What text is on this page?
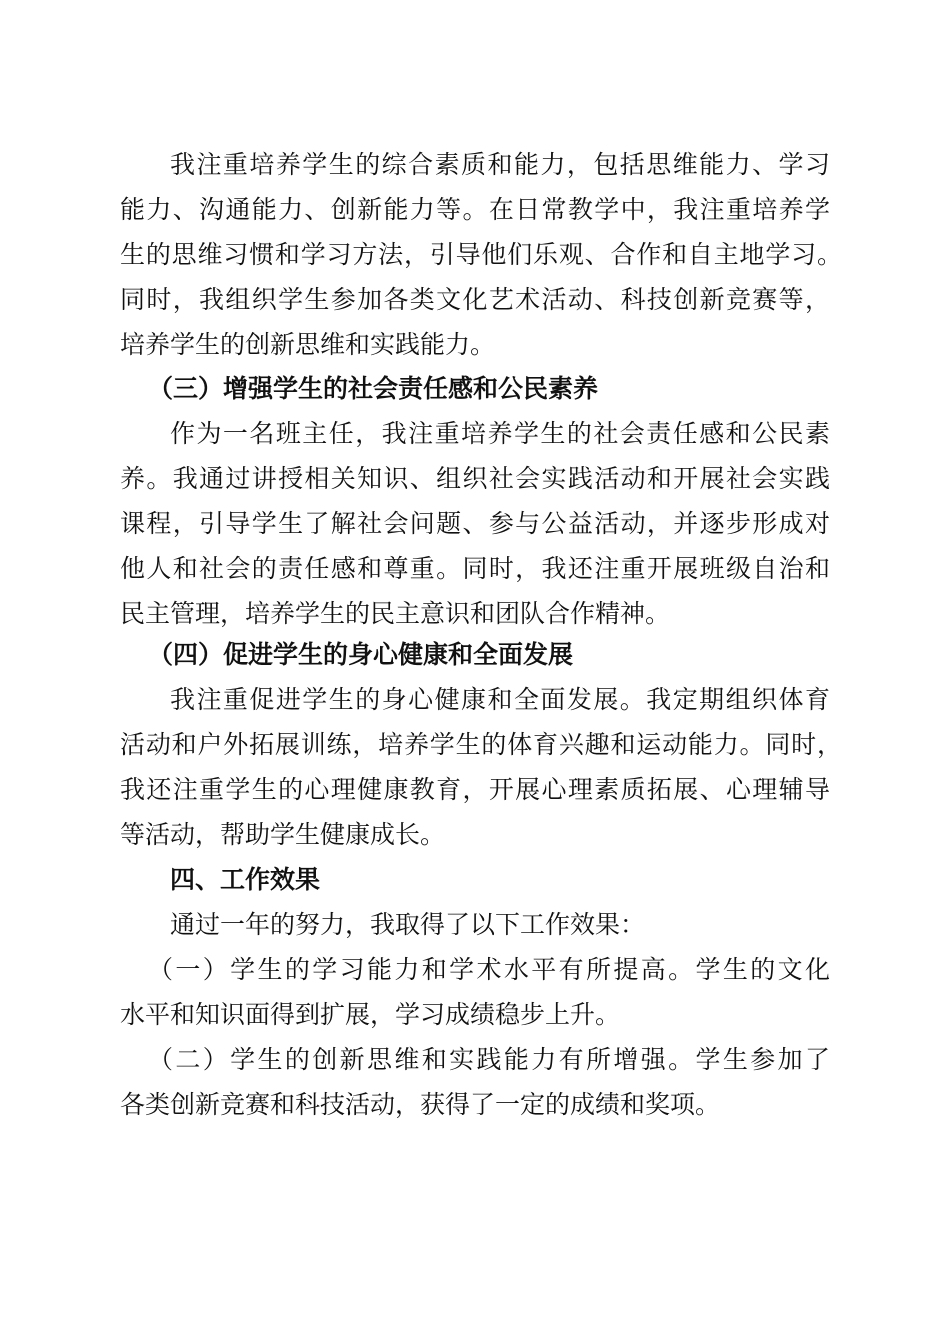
我注重培养学生的综合素质和能力，包括思维能力、学习
能力、沟通能力、创新能力等。在日常教学中，我注重培养学
生的思维习惯和学习方法，引导他们乐观、合作和自主地学习。
同时，我组织学生参加各类文化艺术活动、科技创新竞赛等，
培养学生的创新思维和实践能力。
（三）增强学生的社会责任感和公民素养
作为一名班主任，我注重培养学生的社会责任感和公民素
养。我通过讲授相关知识、组织社会实践活动和开展社会实践
课程，引导学生了解社会问题、参与公益活动，并逐步形成对
他人和社会的责任感和尊重。同时，我还注重开展班级自治和
民主管理，培养学生的民主意识和团队合作精神。
（四）促进学生的身心健康和全面发展
我注重促进学生的身心健康和全面发展。我定期组织体育
活动和户外拓展训练，培养学生的体育兴趣和运动能力。同时，
我还注重学生的心理健康教育，开展心理素质拓展、心理辅导
等活动，帮助学生健康成长。
四、工作效果
通过一年的努力，我取得了以下工作效果：
（一）学生的学习能力和学术水平有所提高。学生的文化
水平和知识面得到扩展，学习成绩稳步上升。
（二）学生的创新思维和实践能力有所增强。学生参加了
各类创新竞赛和科技活动，获得了一定的成绩和奖项。
